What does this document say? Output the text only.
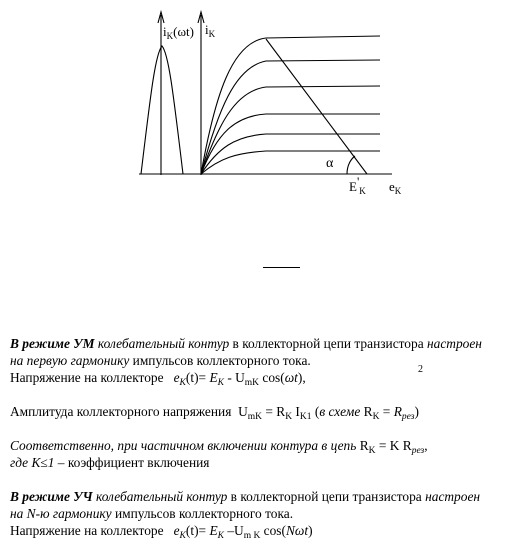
$i_K(\omega t)$ $i_K$
α
$E'_K$ $e_K$
2

В режиме УМ колебательный контур в коллекторной цепи транзистора настроен

на первую гармонику импульсов коллекторного тока.

Напряжение на коллекторе $e_K(t)= E_K - U_{mK}$ cos(ωt),

Амплитуда коллекторного напряжения $U_{mK} = R_K$ $I_{K1}$ (в схеме $R_K = R_{рез}$)

Соответственно, при частичном включении контура в цепь $R_K = K$ $R_{рез}$,

где K≤1 – коэффициент включения

В режиме УЧ колебательный контур в коллекторной цепи транзистора настроен

на N-ю гармонику импульсов коллекторного тока.

Напряжение на коллекторе $e_K(t)= E_K$ $-U_{m K}$ cos(Nωt)
